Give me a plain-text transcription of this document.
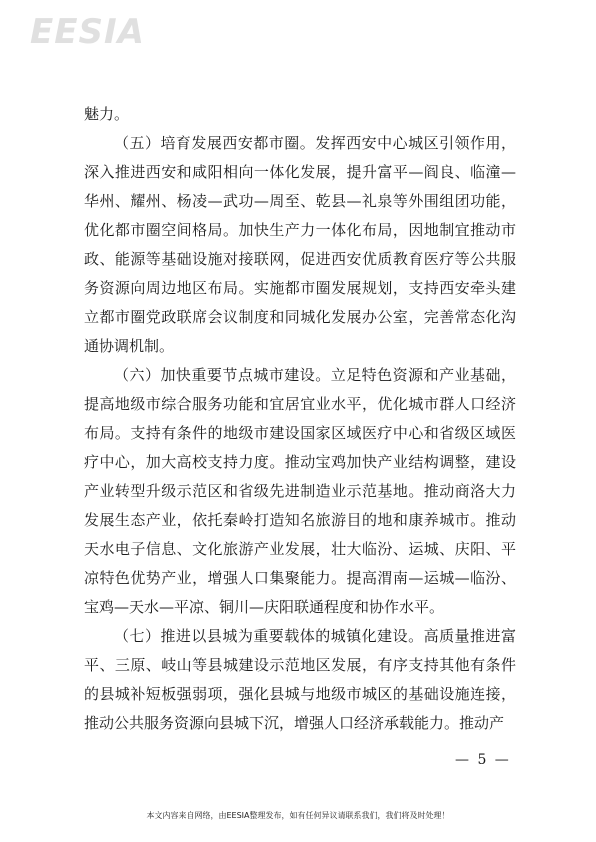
EESIA

魅力。

（五）培育发展西安都市圈。发挥西安中心城区引领作用，深入推进西安和咸阳相向一体化发展，提升富平—阎良、临潼—华州、耀州、杨凌—武功—周至、乾县—礼泉等外围组团功能，优化都市圈空间格局。加快生产力一体化布局，因地制宜推动市政、能源等基础设施对接联网，促进西安优质教育医疗等公共服务资源向周边地区布局。实施都市圈发展规划，支持西安牵头建立都市圈党政联席会议制度和同城化发展办公室，完善常态化沟通协调机制。

（六）加快重要节点城市建设。立足特色资源和产业基础，提高地级市综合服务功能和宜居宜业水平，优化城市群人口经济布局。支持有条件的地级市建设国家区域医疗中心和省级区域医疗中心，加大高校支持力度。推动宝鸡加快产业结构调整，建设产业转型升级示范区和省级先进制造业示范基地。推动商洛大力发展生态产业，依托秦岭打造知名旅游目的地和康养城市。推动天水电子信息、文化旅游产业发展，壮大临汾、运城、庆阳、平凉特色优势产业，增强人口集聚能力。提高渭南—运城—临汾、宝鸡—天水—平凉、铜川—庆阳联通程度和协作水平。

（七）推进以县城为重要载体的城镇化建设。高质量推进富平、三原、岐山等县城建设示范地区发展，有序支持其他有条件的县城补短板强弱项，强化县城与地级市城区的基础设施连接，推动公共服务资源向县城下沉，增强人口经济承载能力。推动产

— 5 —
本文内容来自网络，由EESIA整理发布，如有任何异议请联系我们，我们将及时处理！
